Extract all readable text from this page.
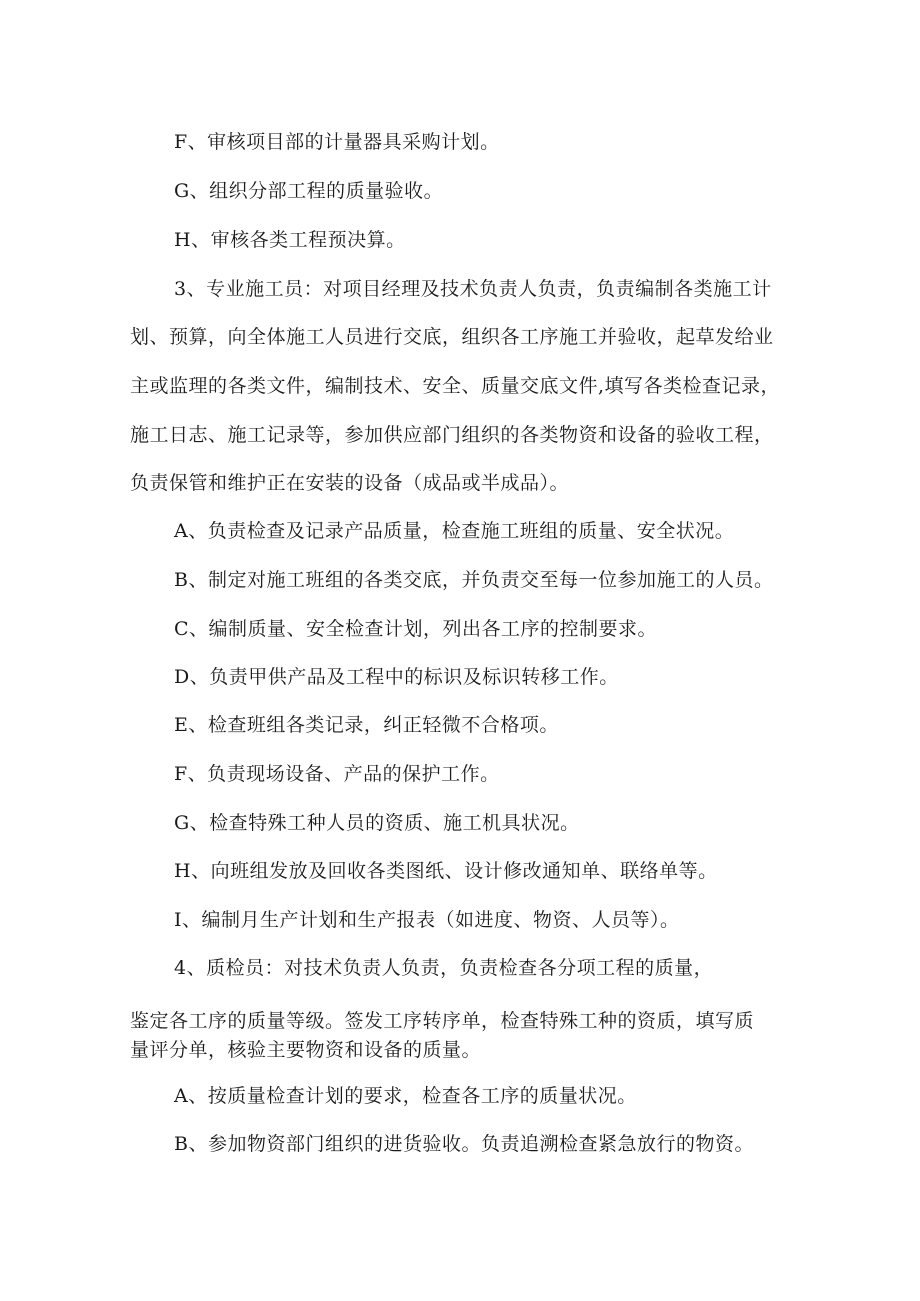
F、审核项目部的计量器具采购计划。
G、组织分部工程的质量验收。
H、审核各类工程预决算。
3、专业施工员：对项目经理及技术负责人负责，负责编制各类施工计
划、预算，向全体施工人员进行交底，组织各工序施工并验收，起草发给业
主或监理的各类文件，编制技术、安全、质量交底文件,填写各类检查记录，
施工日志、施工记录等，参加供应部门组织的各类物资和设备的验收工程，
负责保管和维护正在安装的设备（成品或半成品）。
A、负责检查及记录产品质量，检查施工班组的质量、安全状况。
B、制定对施工班组的各类交底，并负责交至每一位参加施工的人员。
C、编制质量、安全检查计划，列出各工序的控制要求。
D、负责甲供产品及工程中的标识及标识转移工作。
E、检查班组各类记录，纠正轻微不合格项。
F、负责现场设备、产品的保护工作。
G、检查特殊工种人员的资质、施工机具状况。
H、向班组发放及回收各类图纸、设计修改通知单、联络单等。
I、编制月生产计划和生产报表（如进度、物资、人员等）。
4、质检员：对技术负责人负责，负责检查各分项工程的质量，
鉴定各工序的质量等级。签发工序转序单，检查特殊工种的资质，填写质
量评分单，核验主要物资和设备的质量。
A、按质量检查计划的要求，检查各工序的质量状况。
B、参加物资部门组织的进货验收。负责追溯检查紧急放行的物资。
